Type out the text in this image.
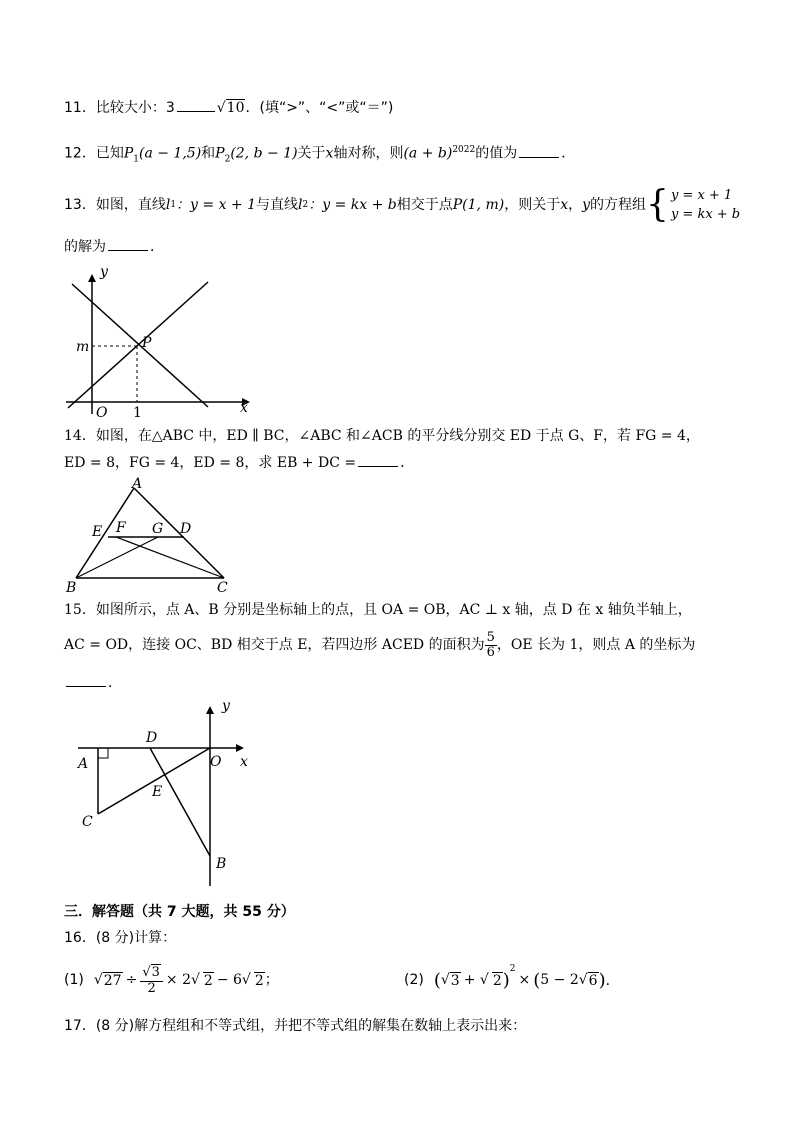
11．比较大小：3	√10．(填“>”、“<”或“＝”)
12．已知$P_1(a - 1,5)$和$P_2(2$, b − 1)关于x轴对称，则$(a + b)^{2022}$的值为	．
13． 如图，直线 l 1 ：y = x + 1 与直线 l 2 ：y = kx + b 相交于点 P(1, m) ，则关于 x ， y 的方程组 { y = x + 1
y = kx + b
的解为	．
y
x
m	P
O 1
14．如图，在△ABC 中，ED ∥ BC，∠ABC 和∠ACB 的平分线分别交 ED 于点 G、F，若 FG = 4，
ED = 8，FG = 4，ED = 8，求 EB + DC =	．
A
E F G D
B	C
15．如图所示，点 A、B 分别是坐标轴上的点，且 OA = OB，AC ⊥ x 轴，点 D 在 x 轴负半轴上，
AC = OD，连接 OC、BD 相交于点 E，若四边形 ACED 的面积为 $\frac{5}{6}$ ，OE 长为 1，则点 A 的坐标为
．
y
x
D
A	O
E
C
B
三．解答题（共 7 大题，共 55 分）
16．(8 分)计算：
(1) √ $27 \div \frac{√3}{2} \times 2√$ 2 − 6√ 2 ；	(2) ( √ 3 + √ 2 )
$^2$
× ( 5 − 2√ 6 ) ．
17．(8 分)解方程组和不等式组，并把不等式组的解集在数轴上表示出来：
